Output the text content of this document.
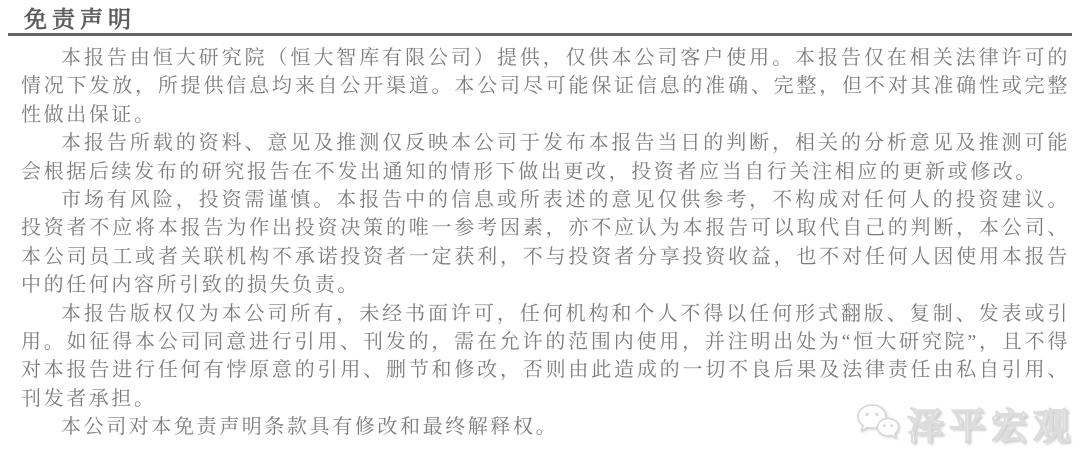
免责声明

本报告由恒大研究院（恒大智库有限公司）提供，仅供本公司客户使用。本报告仅在相关法律许可的情况下发放，所提供信息均来自公开渠道。本公司尽可能保证信息的准确、完整，但不对其准确性或完整性做出保证。

本报告所载的资料、意见及推测仅反映本公司于发布本报告当日的判断，相关的分析意见及推测可能会根据后续发布的研究报告在不发出通知的情形下做出更改，投资者应当自行关注相应的更新或修改。

市场有风险，投资需谨慎。本报告中的信息或所表述的意见仅供参考，不构成对任何人的投资建议。投资者不应将本报告为作出投资决策的唯一参考因素，亦不应认为本报告可以取代自己的判断，本公司、本公司员工或者关联机构不承诺投资者一定获利，不与投资者分享投资收益，也不对任何人因使用本报告中的任何内容所引致的损失负责。

本报告版权仅为本公司所有，未经书面许可，任何机构和个人不得以任何形式翻版、复制、发表或引用。如征得本公司同意进行引用、刊发的，需在允许的范围内使用，并注明出处为“恒大研究院”，且不得对本报告进行任何有悖原意的引用、删节和修改，否则由此造成的一切不良后果及法律责任由私自引用、刊发者承担。

本公司对本免责声明条款具有修改和最终解释权。	泽平宏观
